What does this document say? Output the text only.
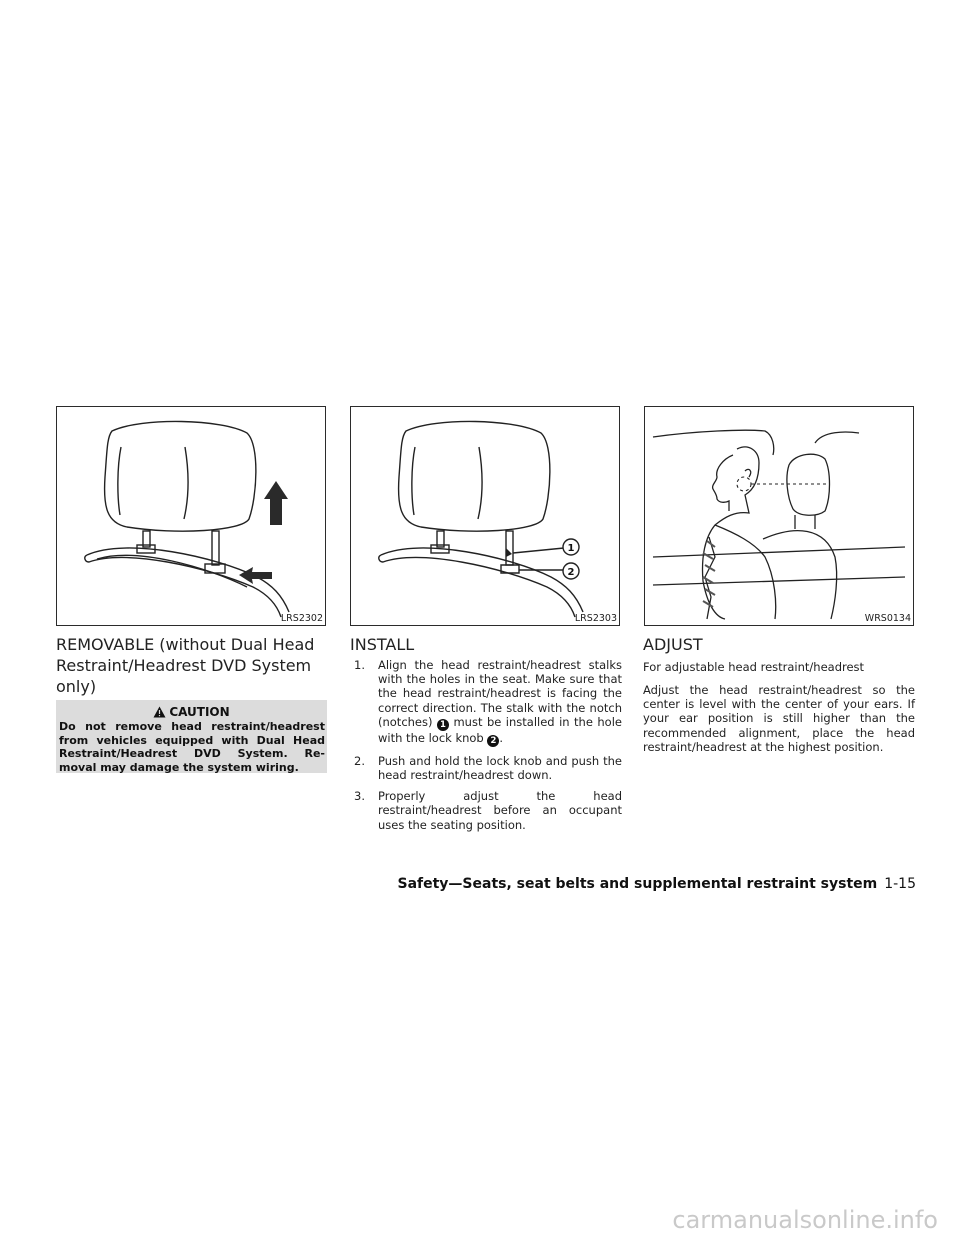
LRS2302
1
2
LRS2303	WRS0134
REMOVABLE (without Dual Head Restraint/Headrest DVD System only)
CAUTION
Do not remove head restraint/headrest from vehicles equipped with Dual Head Restraint/Headrest DVD System. Re- moval may damage the system wiring.
INSTALL
1. Align the head restraint/headrest stalks with the holes in the seat. Make sure that the head restraint/headrest is facing the correct direction. The stalk with the notch (notches) 1 must be installed in the hole with the lock knob 2 .
2. Push and hold the lock knob and push the head restraint/headrest down.
3. Properly adjust the head restraint/headrest before an occupant uses the seating position.
ADJUST

For adjustable head restraint/headrest

Adjust the head restraint/headrest so the center is level with the center of your ears. If your ear position is still higher than the recommended alignment, place the head restraint/headrest at the highest position.

Safety—Seats, seat belts and supplemental restraint system 1-15
carmanualsonline.info
